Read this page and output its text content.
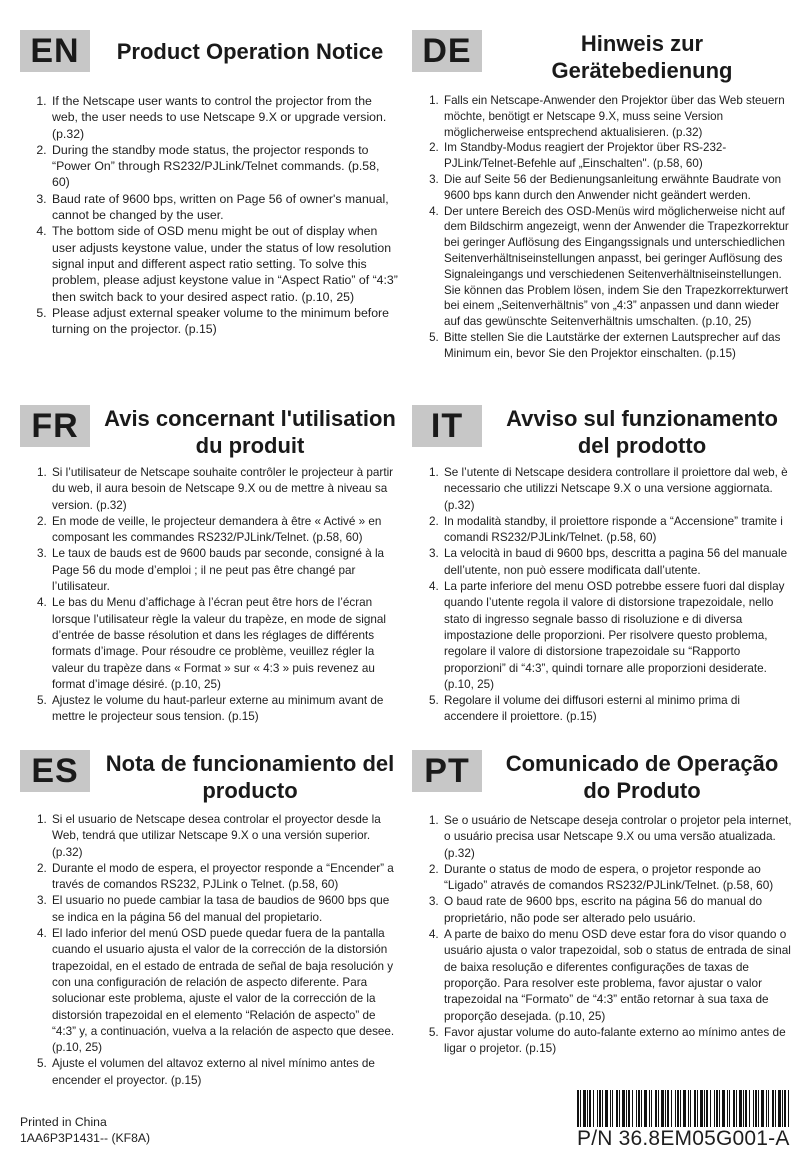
EN	Product Operation Notice
1. If the Netscape user wants to control the projector from the web, the user needs to use Netscape 9.X or upgrade version. (p.32)
2. During the standby mode status, the projector responds to “Power On” through RS232/PJLink/Telnet commands. (p.58, 60)
3. Baud rate of 9600 bps, written on Page 56 of owner's manual, cannot be changed by the user.
4. The bottom side of OSD menu might be out of display when user adjusts keystone value, under the status of low resolution signal input and different aspect ratio setting. To solve this problem, please adjust keystone value in “Aspect Ratio” of “4:3” then switch back to your desired aspect ratio. (p.10, 25)
5. Please adjust external speaker volume to the minimum before turning on the projector. (p.15)
DE	Hinweis zur Gerätebedienung
1. Falls ein Netscape-Anwender den Projektor über das Web steuern möchte, benötigt er Netscape 9.X, muss seine Version möglicherweise entsprechend aktualisieren. (p.32)
2. Im Standby-Modus reagiert der Projektor über RS-232-PJLink/Telnet-Befehle auf „Einschalten". (p.58, 60)
3. Die auf Seite 56 der Bedienungsanleitung erwähnte Baudrate von 9600 bps kann durch den Anwender nicht geändert werden.
4. Der untere Bereich des OSD-Menüs wird möglicherweise nicht auf dem Bildschirm angezeigt, wenn der Anwender die Trapezkorrektur bei geringer Auflösung des Eingangssignals und unterschiedlichen Seitenverhältniseinstellungen anpasst, bei geringer Auflösung des Signaleingangs und verschiedenen Seitenverhältniseinstellungen. Sie können das Problem lösen, indem Sie den Trapezkorrekturwert bei einem „Seitenverhältnis” von „4:3” anpassen und dann wieder auf das gewünschte Seitenverhältnis umschalten. (p.10, 25)
5. Bitte stellen Sie die Lautstärke der externen Lautsprecher auf das Minimum ein, bevor Sie den Projektor einschalten. (p.15)
FR	Avis concernant l'utilisation du produit
1. Si l’utilisateur de Netscape souhaite contrôler le projecteur à partir du web, il aura besoin de Netscape 9.X ou de mettre à niveau sa version. (p.32)
2. En mode de veille, le projecteur demandera à être « Activé » en composant les commandes RS232/PJLink/Telnet. (p.58, 60)
3. Le taux de bauds est de 9600 bauds par seconde, consigné à la Page 56 du mode d’emploi ; il ne peut pas être changé par l’utilisateur.
4. Le bas du Menu d’affichage à l’écran peut être hors de l’écran lorsque l’utilisateur règle la valeur du trapèze, en mode de signal d’entrée de basse résolution et dans les réglages de différents formats d’image. Pour résoudre ce problème, veuillez régler la valeur du trapèze dans « Format » sur « 4:3 » puis revenez au format d’image désiré. (p.10, 25)
5. Ajustez le volume du haut-parleur externe au minimum avant de mettre le projecteur sous tension. (p.15)
IT	Avviso sul funzionamento del prodotto
1. Se l’utente di Netscape desidera controllare il proiettore dal web, è necessario che utilizzi Netscape 9.X o una versione aggiornata. (p.32)
2. In modalità standby, il proiettore risponde a “Accensione” tramite i comandi RS232/PJLink/Telnet. (p.58, 60)
3. La velocità in baud di 9600 bps, descritta a pagina 56 del manuale dell’utente, non può essere modificata dall’utente.
4. La parte inferiore del menu OSD potrebbe essere fuori dal display quando l’utente regola il valore di distorsione trapezoidale, nello stato di ingresso segnale basso di risoluzione e di diversa impostazione delle proporzioni. Per risolvere questo problema, regolare il valore di distorsione trapezoidale su “Rapporto proporzioni” di “4:3”, quindi tornare alle proporzioni desiderate. (p.10, 25)
5. Regolare il volume dei diffusori esterni al minimo prima di accendere il proiettore. (p.15)
ES	Nota de funcionamiento del producto
1. Si el usuario de Netscape desea controlar el proyector desde la Web, tendrá que utilizar Netscape 9.X o una versión superior. (p.32)
2. Durante el modo de espera, el proyector responde a “Encender” a través de comandos RS232, PJLink o Telnet. (p.58, 60)
3. El usuario no puede cambiar la tasa de baudios de 9600 bps que se indica en la página 56 del manual del propietario.
4. El lado inferior del menú OSD puede quedar fuera de la pantalla cuando el usuario ajusta el valor de la corrección de la distorsión trapezoidal, en el estado de entrada de señal de baja resolución y con una configuración de relación de aspecto diferente. Para solucionar este problema, ajuste el valor de la corrección de la distorsión trapezoidal en el elemento “Relación de aspecto” de “4:3” y, a continuación, vuelva a la relación de aspecto que desee. (p.10, 25)
5. Ajuste el volumen del altavoz externo al nivel mínimo antes de encender el proyector. (p.15)
PT	Comunicado de Operação do Produto
1. Se o usuário de Netscape deseja controlar o projetor pela internet, o usuário precisa usar Netscape 9.X ou uma versão atualizada. (p.32)
2. Durante o status de modo de espera, o projetor responde ao “Ligado” através de comandos RS232/PJLink/Telnet. (p.58, 60)
3. O baud rate de 9600 bps, escrito na página 56 do manual do proprietário, não pode ser alterado pelo usuário.
4. A parte de baixo do menu OSD deve estar fora do visor quando o usuário ajusta o valor trapezoidal, sob o status de entrada de sinal de baixa resolução e diferentes configurações de taxas de proporção. Para resolver este problema, favor ajustar o valor trapezoidal na “Formato” de “4:3” então retornar à sua taxa de proporção desejada. (p.10, 25)
5. Favor ajustar volume do auto-falante externo ao mínimo antes de ligar o projetor. (p.15)
Printed in China
1AA6P3P1431-- (KF8A)	P/N 36.8EM05G001-A
